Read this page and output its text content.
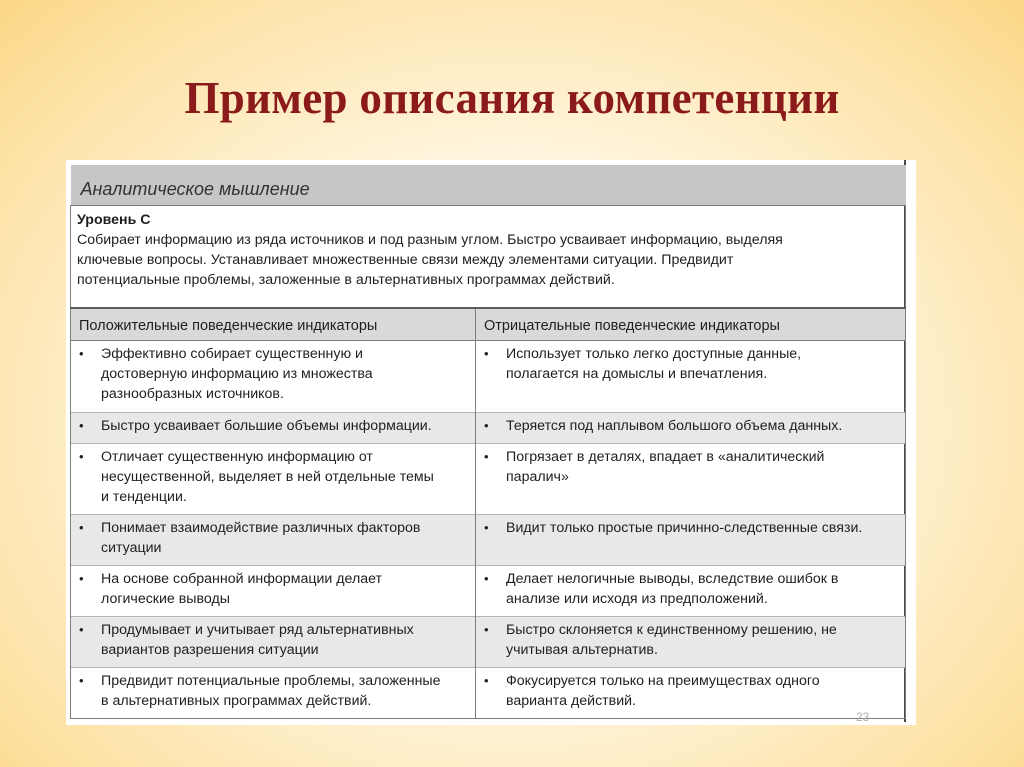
Пример описания компетенции
Аналитическое мышление	

Уровень С
Собирает информацию из ряда источников и под разным углом. Быстро усваивает информацию, выделяя
ключевые вопросы. Устанавливает множественные связи между элементами ситуации. Предвидит
потенциальные проблемы, заложенные в альтернативных программах действий.	

Положительные поведенческие индикаторы	Отрицательные поведенческие индикаторы

• Эффективно собирает существенную и
достоверную информацию из множества
разнообразных источников.	• Использует только легко доступные данные,
полагается на домыслы и впечатления.

• Быстро усваивает большие объемы информации.	• Теряется под наплывом большого объема данных.

• Отличает существенную информацию от
несущественной, выделяет в ней отдельные темы
и тенденции.	• Погрязает в деталях, впадает в «аналитический
паралич»

• Понимает взаимодействие различных факторов
ситуации	• Видит только простые причинно-следственные связи.

• На основе собранной информации делает
логические выводы	• Делает нелогичные выводы, вследствие ошибок в
анализе или исходя из предположений.

• Продумывает и учитывает ряд альтернативных
вариантов разрешения ситуации	• Быстро склоняется к единственному решению, не
учитывая альтернатив.

• Предвидит потенциальные проблемы, заложенные
в альтернативных программах действий.	• Фокусируется только на преимуществах одного
варианта действий.
23
